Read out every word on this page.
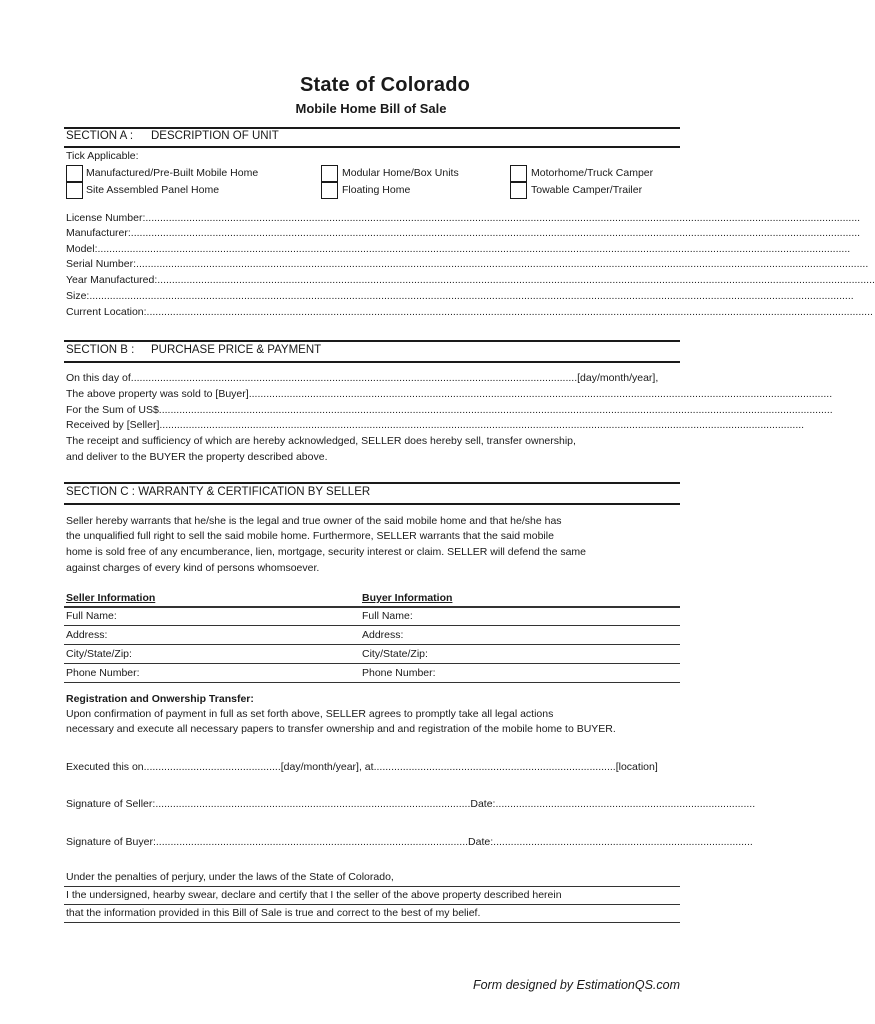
State of Colorado
Mobile Home Bill of Sale
SECTION A : DESCRIPTION OF UNIT
Tick Applicable:
Manufactured/Pre-Built Mobile Home
Site Assembled Panel Home
Modular Home/Box Units
Floating Home
Motorhome/Truck Camper
Towable Camper/Trailer
License Number:.....................................................................................................................................................................................................................................................
Manufacturer:..........................................................................................................................................................................................................................................................
Model:..................................................................................................................................................................................................................................................................
Serial Number:...........................................................................................................................................................................................................................................................
Year Manufactured:......................................................................................................................................................................................................................................................
Size:......................................................................................................................................................................................................................................................................
Current Location:.........................................................................................................................................................................................................................................................
SECTION B : PURCHASE PRICE & PAYMENT
On this day of.........................................................................................................................................................[day/month/year],
The above property was sold to [Buyer]........................................................................................................................................................................................................
For the Sum of US$.......................................................................................................................................................................................................................................
Received by [Seller].............................................................................................................................................................................................................................
The receipt and sufficiency of which are hereby acknowledged, SELLER does hereby sell, transfer ownership,
and deliver to the BUYER the property described above.
SECTION C : WARRANTY & CERTIFICATION BY SELLER
Seller hereby warrants that he/she is the legal and true owner of the said mobile home and that he/she has
the unqualified full right to sell the said mobile home. Furthermore, SELLER warrants that the said mobile
home is sold free of any encumberance, lien, mortgage, security interest or claim. SELLER will defend the same
against charges of every kind of persons whomsoever.
Seller Information	Buyer Information
Full Name:	Full Name:
Address:	Address:
City/State/Zip:	City/State/Zip:
Phone Number:	Phone Number:
Registration and Onwership Transfer:
Upon confirmation of payment in full as set forth above, SELLER agrees to promptly take all legal actions
necessary and execute all necessary papers to transfer ownership and and registration of the mobile home to BUYER.
Executed this on...............................................[day/month/year], at...................................................................................[location]
Signature of Seller:............................................................................................................Date:.........................................................................................
Signature of Buyer:...........................................................................................................Date:.........................................................................................
Under the penalties of perjury, under the laws of the State of Colorado,
I the undersigned, hearby swear, declare and certify that I the seller of the above property described herein
that the information provided in this Bill of Sale is true and correct to the best of my belief.
Form designed by EstimationQS.com
